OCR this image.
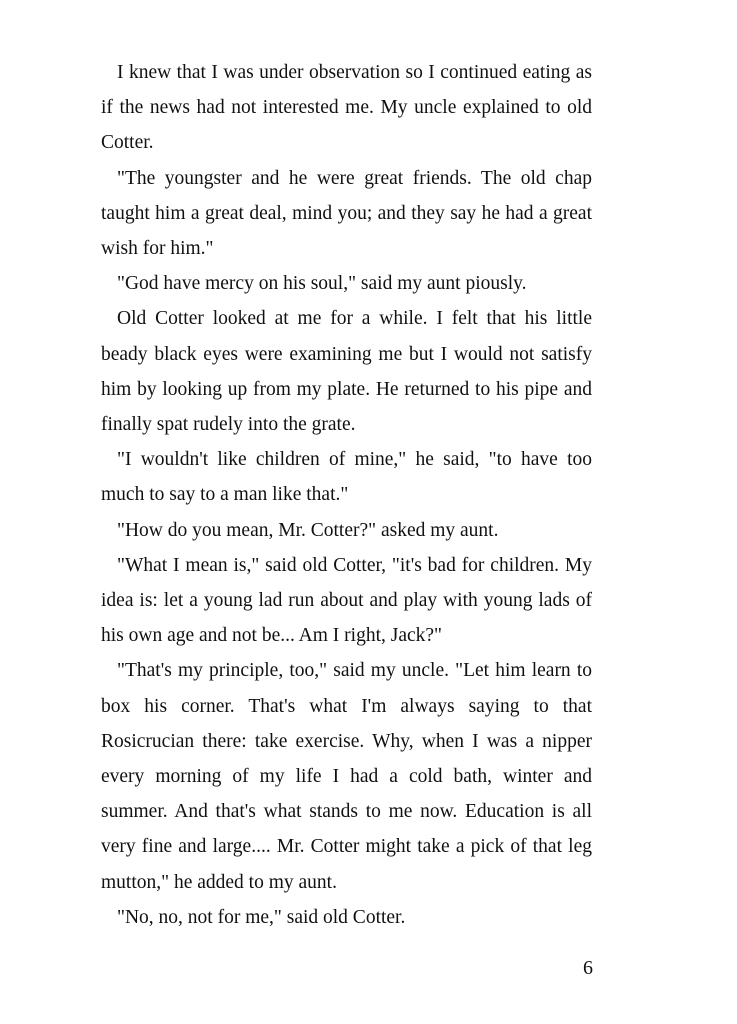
I knew that I was under observation so I continued eating as if the news had not interested me. My uncle explained to old Cotter.

"The youngster and he were great friends. The old chap taught him a great deal, mind you; and they say he had a great wish for him."

"God have mercy on his soul," said my aunt piously.

Old Cotter looked at me for a while. I felt that his little beady black eyes were examining me but I would not satisfy him by looking up from my plate. He returned to his pipe and finally spat rudely into the grate.

"I wouldn't like children of mine," he said, "to have too much to say to a man like that."

"How do you mean, Mr. Cotter?" asked my aunt.

"What I mean is," said old Cotter, "it's bad for children. My idea is: let a young lad run about and play with young lads of his own age and not be... Am I right, Jack?"

"That's my principle, too," said my uncle. "Let him learn to box his corner. That's what I'm always saying to that Rosicrucian there: take exercise. Why, when I was a nipper every morning of my life I had a cold bath, winter and summer. And that's what stands to me now. Education is all very fine and large.... Mr. Cotter might take a pick of that leg mutton," he added to my aunt.

"No, no, not for me," said old Cotter.

6
